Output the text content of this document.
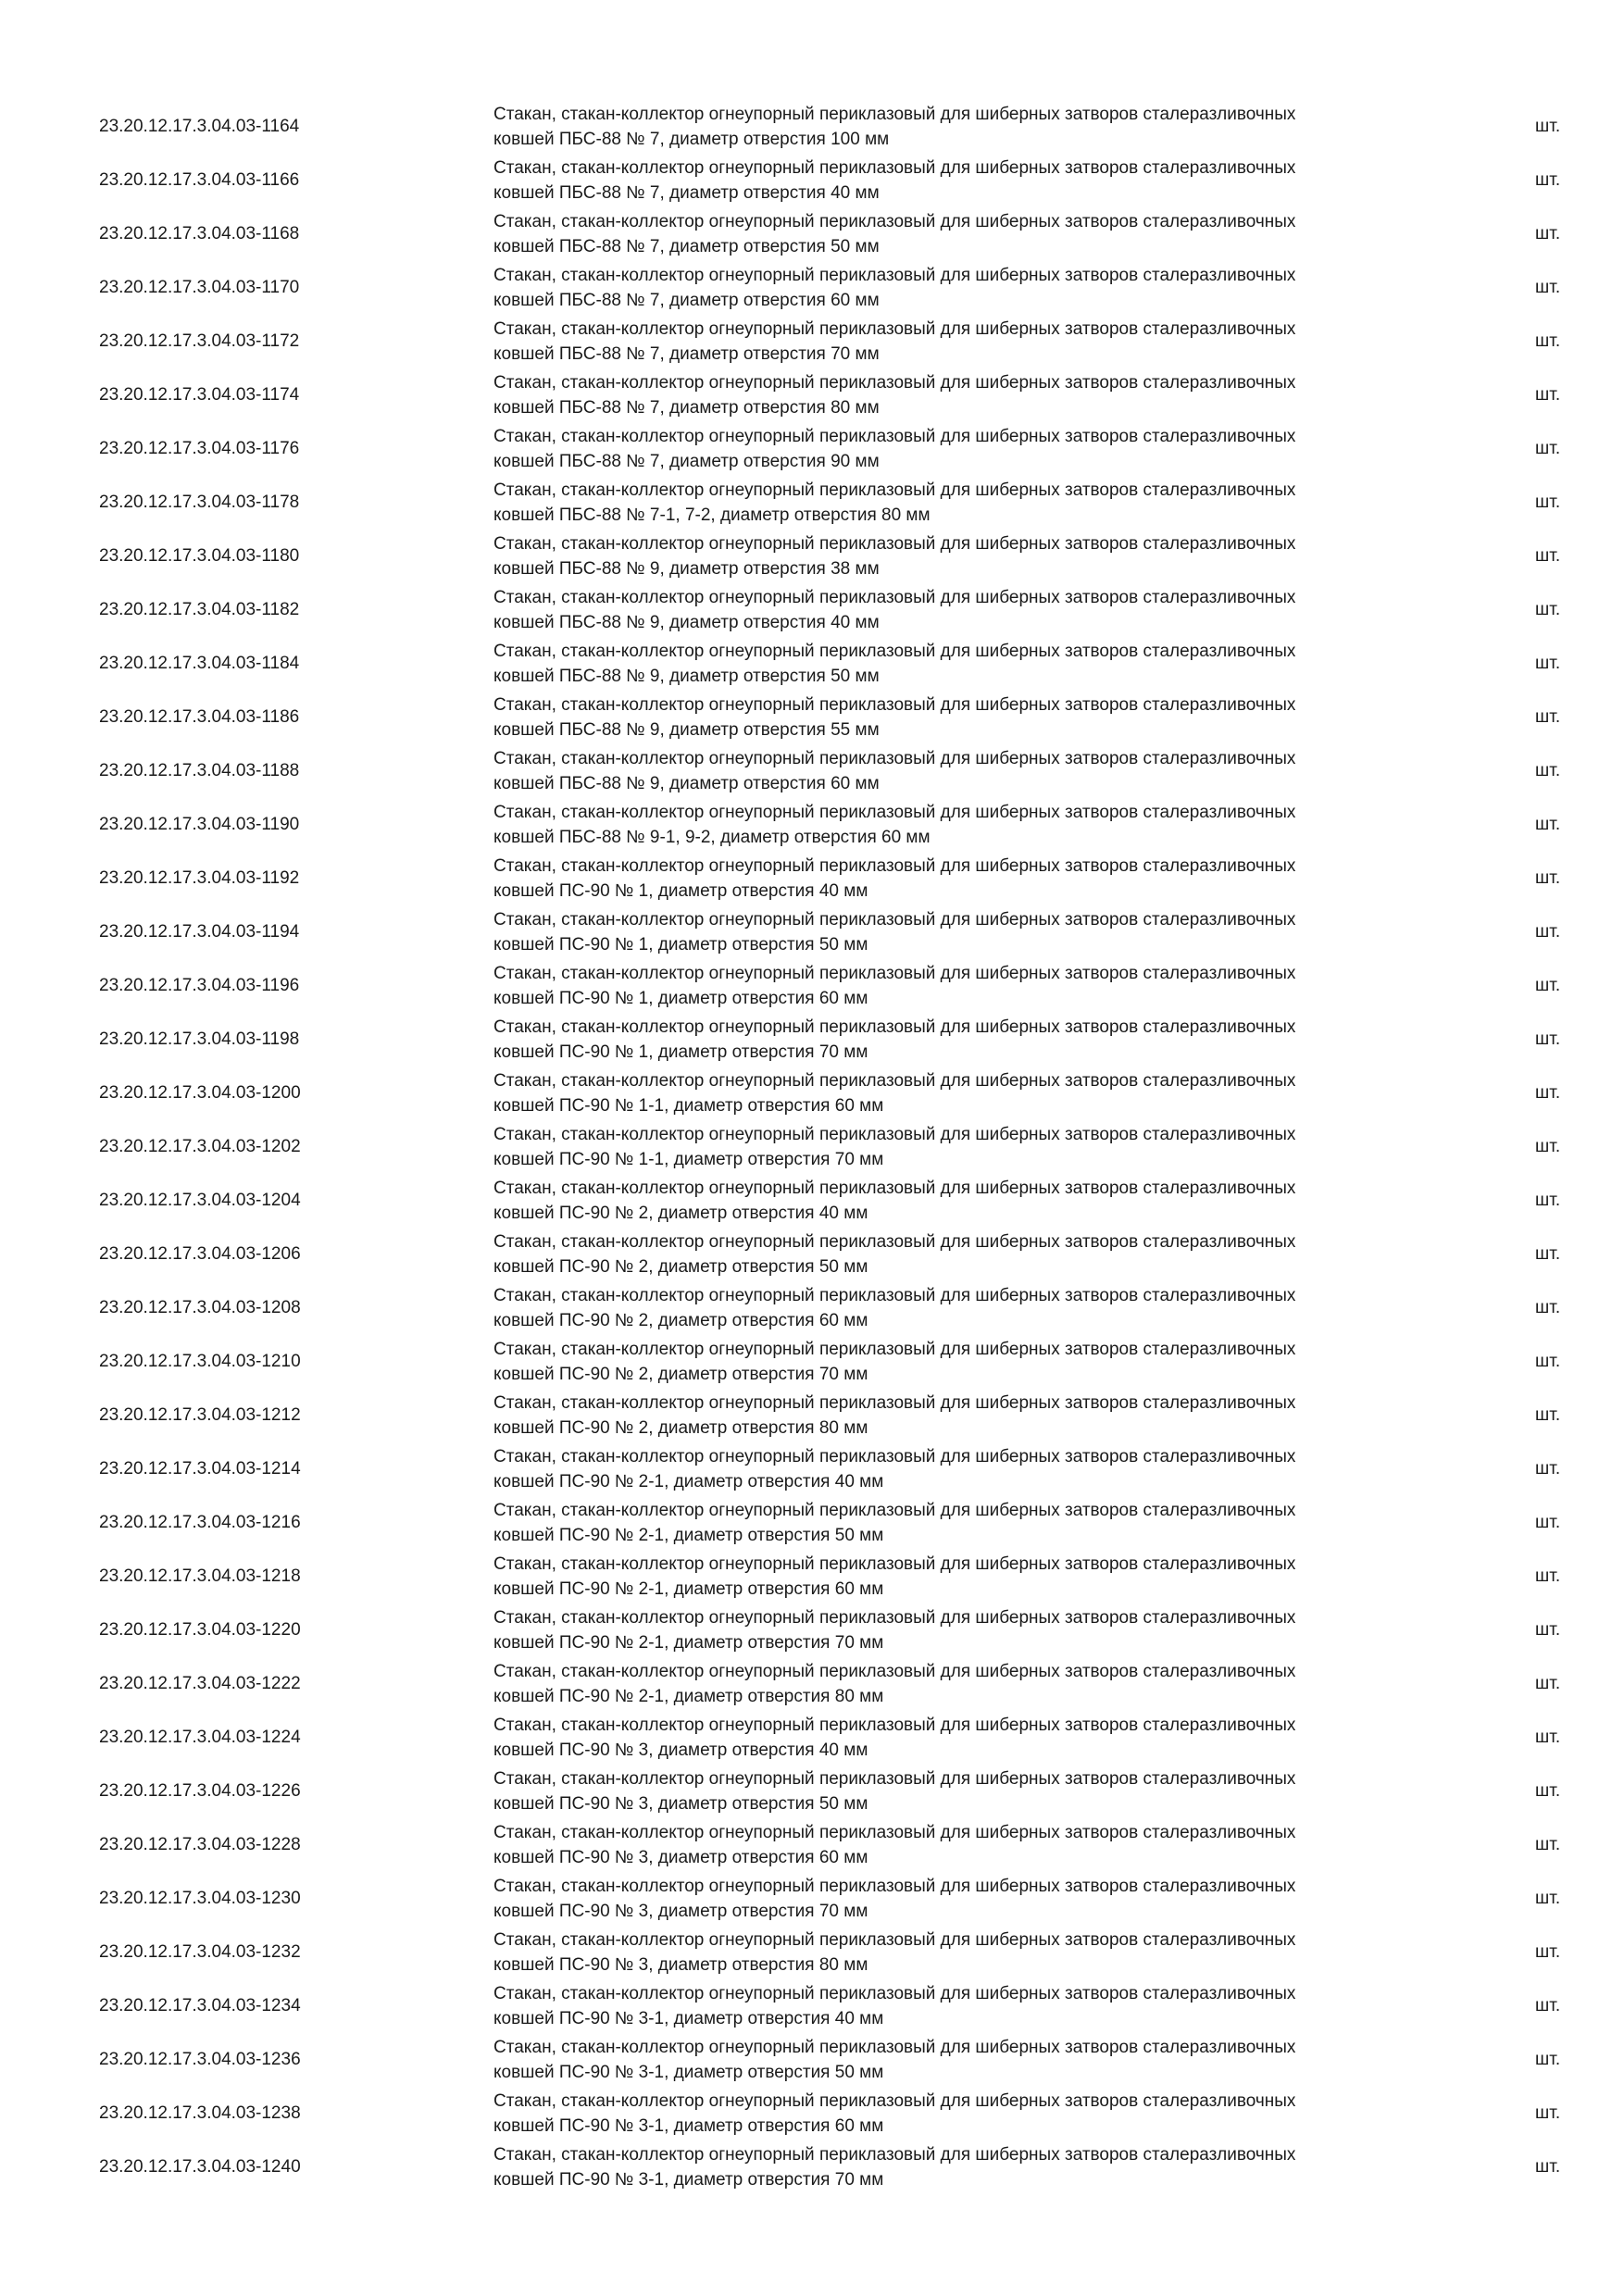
23.20.12.17.3.04.03-1164
Стакан, стакан-коллектор огнеупорный периклазовый для шиберных затворов сталеразливочных
ковшей ПБС-88 № 7, диаметр отверстия 100 мм
шт.
23.20.12.17.3.04.03-1166
Стакан, стакан-коллектор огнеупорный периклазовый для шиберных затворов сталеразливочных
ковшей ПБС-88 № 7, диаметр отверстия 40 мм
шт.
23.20.12.17.3.04.03-1168
Стакан, стакан-коллектор огнеупорный периклазовый для шиберных затворов сталеразливочных
ковшей ПБС-88 № 7, диаметр отверстия 50 мм
шт.
23.20.12.17.3.04.03-1170
Стакан, стакан-коллектор огнеупорный периклазовый для шиберных затворов сталеразливочных
ковшей ПБС-88 № 7, диаметр отверстия 60 мм
шт.
23.20.12.17.3.04.03-1172
Стакан, стакан-коллектор огнеупорный периклазовый для шиберных затворов сталеразливочных
ковшей ПБС-88 № 7, диаметр отверстия 70 мм
шт.
23.20.12.17.3.04.03-1174
Стакан, стакан-коллектор огнеупорный периклазовый для шиберных затворов сталеразливочных
ковшей ПБС-88 № 7, диаметр отверстия 80 мм
шт.
23.20.12.17.3.04.03-1176
Стакан, стакан-коллектор огнеупорный периклазовый для шиберных затворов сталеразливочных
ковшей ПБС-88 № 7, диаметр отверстия 90 мм
шт.
23.20.12.17.3.04.03-1178
Стакан, стакан-коллектор огнеупорный периклазовый для шиберных затворов сталеразливочных
ковшей ПБС-88 № 7-1, 7-2, диаметр отверстия 80 мм
шт.
23.20.12.17.3.04.03-1180
Стакан, стакан-коллектор огнеупорный периклазовый для шиберных затворов сталеразливочных
ковшей ПБС-88 № 9, диаметр отверстия 38 мм
шт.
23.20.12.17.3.04.03-1182
Стакан, стакан-коллектор огнеупорный периклазовый для шиберных затворов сталеразливочных
ковшей ПБС-88 № 9, диаметр отверстия 40 мм
шт.
23.20.12.17.3.04.03-1184
Стакан, стакан-коллектор огнеупорный периклазовый для шиберных затворов сталеразливочных
ковшей ПБС-88 № 9, диаметр отверстия 50 мм
шт.
23.20.12.17.3.04.03-1186
Стакан, стакан-коллектор огнеупорный периклазовый для шиберных затворов сталеразливочных
ковшей ПБС-88 № 9, диаметр отверстия 55 мм
шт.
23.20.12.17.3.04.03-1188
Стакан, стакан-коллектор огнеупорный периклазовый для шиберных затворов сталеразливочных
ковшей ПБС-88 № 9, диаметр отверстия 60 мм
шт.
23.20.12.17.3.04.03-1190
Стакан, стакан-коллектор огнеупорный периклазовый для шиберных затворов сталеразливочных
ковшей ПБС-88 № 9-1, 9-2, диаметр отверстия 60 мм
шт.
23.20.12.17.3.04.03-1192
Стакан, стакан-коллектор огнеупорный периклазовый для шиберных затворов сталеразливочных
ковшей ПС-90 № 1, диаметр отверстия 40 мм
шт.
23.20.12.17.3.04.03-1194
Стакан, стакан-коллектор огнеупорный периклазовый для шиберных затворов сталеразливочных
ковшей ПС-90 № 1, диаметр отверстия 50 мм
шт.
23.20.12.17.3.04.03-1196
Стакан, стакан-коллектор огнеупорный периклазовый для шиберных затворов сталеразливочных
ковшей ПС-90 № 1, диаметр отверстия 60 мм
шт.
23.20.12.17.3.04.03-1198
Стакан, стакан-коллектор огнеупорный периклазовый для шиберных затворов сталеразливочных
ковшей ПС-90 № 1, диаметр отверстия 70 мм
шт.
23.20.12.17.3.04.03-1200
Стакан, стакан-коллектор огнеупорный периклазовый для шиберных затворов сталеразливочных
ковшей ПС-90 № 1-1, диаметр отверстия 60 мм
шт.
23.20.12.17.3.04.03-1202
Стакан, стакан-коллектор огнеупорный периклазовый для шиберных затворов сталеразливочных
ковшей ПС-90 № 1-1, диаметр отверстия 70 мм
шт.
23.20.12.17.3.04.03-1204
Стакан, стакан-коллектор огнеупорный периклазовый для шиберных затворов сталеразливочных
ковшей ПС-90 № 2, диаметр отверстия 40 мм
шт.
23.20.12.17.3.04.03-1206
Стакан, стакан-коллектор огнеупорный периклазовый для шиберных затворов сталеразливочных
ковшей ПС-90 № 2, диаметр отверстия 50 мм
шт.
23.20.12.17.3.04.03-1208
Стакан, стакан-коллектор огнеупорный периклазовый для шиберных затворов сталеразливочных
ковшей ПС-90 № 2, диаметр отверстия 60 мм
шт.
23.20.12.17.3.04.03-1210
Стакан, стакан-коллектор огнеупорный периклазовый для шиберных затворов сталеразливочных
ковшей ПС-90 № 2, диаметр отверстия 70 мм
шт.
23.20.12.17.3.04.03-1212
Стакан, стакан-коллектор огнеупорный периклазовый для шиберных затворов сталеразливочных
ковшей ПС-90 № 2, диаметр отверстия 80 мм
шт.
23.20.12.17.3.04.03-1214
Стакан, стакан-коллектор огнеупорный периклазовый для шиберных затворов сталеразливочных
ковшей ПС-90 № 2-1, диаметр отверстия 40 мм
шт.
23.20.12.17.3.04.03-1216
Стакан, стакан-коллектор огнеупорный периклазовый для шиберных затворов сталеразливочных
ковшей ПС-90 № 2-1, диаметр отверстия 50 мм
шт.
23.20.12.17.3.04.03-1218
Стакан, стакан-коллектор огнеупорный периклазовый для шиберных затворов сталеразливочных
ковшей ПС-90 № 2-1, диаметр отверстия 60 мм
шт.
23.20.12.17.3.04.03-1220
Стакан, стакан-коллектор огнеупорный периклазовый для шиберных затворов сталеразливочных
ковшей ПС-90 № 2-1, диаметр отверстия 70 мм
шт.
23.20.12.17.3.04.03-1222
Стакан, стакан-коллектор огнеупорный периклазовый для шиберных затворов сталеразливочных
ковшей ПС-90 № 2-1, диаметр отверстия 80 мм
шт.
23.20.12.17.3.04.03-1224
Стакан, стакан-коллектор огнеупорный периклазовый для шиберных затворов сталеразливочных
ковшей ПС-90 № 3, диаметр отверстия 40 мм
шт.
23.20.12.17.3.04.03-1226
Стакан, стакан-коллектор огнеупорный периклазовый для шиберных затворов сталеразливочных
ковшей ПС-90 № 3, диаметр отверстия 50 мм
шт.
23.20.12.17.3.04.03-1228
Стакан, стакан-коллектор огнеупорный периклазовый для шиберных затворов сталеразливочных
ковшей ПС-90 № 3, диаметр отверстия 60 мм
шт.
23.20.12.17.3.04.03-1230
Стакан, стакан-коллектор огнеупорный периклазовый для шиберных затворов сталеразливочных
ковшей ПС-90 № 3, диаметр отверстия 70 мм
шт.
23.20.12.17.3.04.03-1232
Стакан, стакан-коллектор огнеупорный периклазовый для шиберных затворов сталеразливочных
ковшей ПС-90 № 3, диаметр отверстия 80 мм
шт.
23.20.12.17.3.04.03-1234
Стакан, стакан-коллектор огнеупорный периклазовый для шиберных затворов сталеразливочных
ковшей ПС-90 № 3-1, диаметр отверстия 40 мм
шт.
23.20.12.17.3.04.03-1236
Стакан, стакан-коллектор огнеупорный периклазовый для шиберных затворов сталеразливочных
ковшей ПС-90 № 3-1, диаметр отверстия 50 мм
шт.
23.20.12.17.3.04.03-1238
Стакан, стакан-коллектор огнеупорный периклазовый для шиберных затворов сталеразливочных
ковшей ПС-90 № 3-1, диаметр отверстия 60 мм
шт.
23.20.12.17.3.04.03-1240
Стакан, стакан-коллектор огнеупорный периклазовый для шиберных затворов сталеразливочных
ковшей ПС-90 № 3-1, диаметр отверстия 70 мм
шт.
